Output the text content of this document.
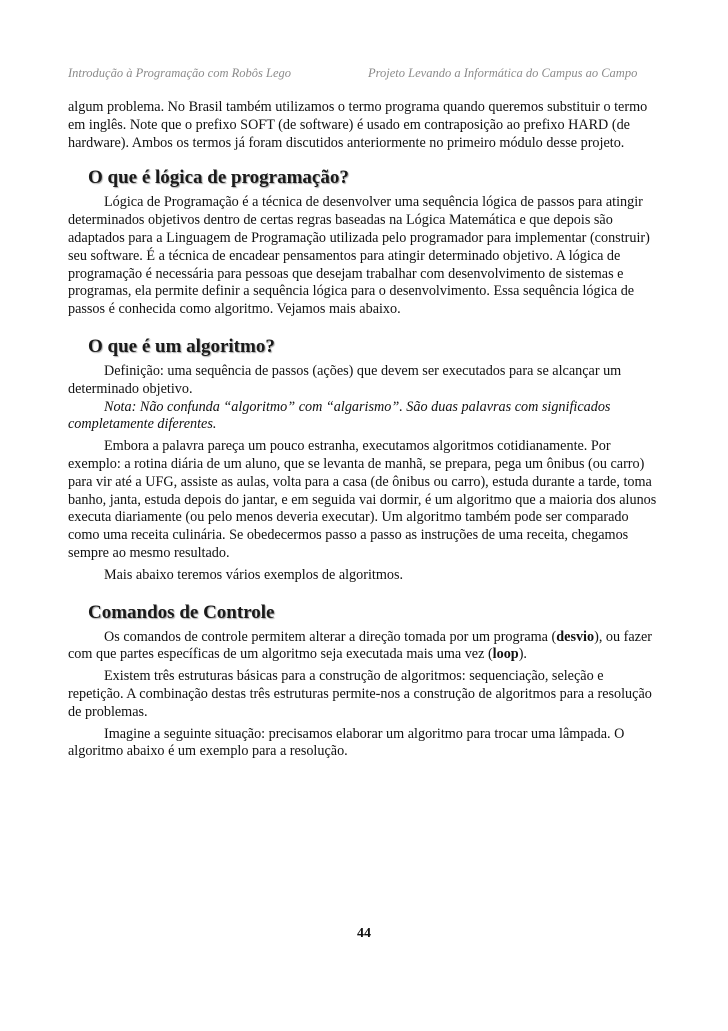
Introdução à Programação com Robôs Lego	Projeto Levando a Informática do Campus ao Campo

algum problema. No Brasil também utilizamos o termo programa quando queremos substituir o termo em inglês. Note que o prefixo SOFT (de software) é usado em contraposição ao prefixo HARD (de hardware). Ambos os termos já foram discutidos anteriormente no primeiro módulo desse projeto.

O que é lógica de programação?

Lógica de Programação é a técnica de desenvolver uma sequência lógica de passos para atingir determinados objetivos dentro de certas regras baseadas na Lógica Matemática e que depois são adaptados para a Linguagem de Programação utilizada pelo programador para implementar (construir) seu software. É a técnica de encadear pensamentos para atingir determinado objetivo. A lógica de programação é necessária para pessoas que desejam trabalhar com desenvolvimento de sistemas e programas, ela permite definir a sequência lógica para o desenvolvimento. Essa sequência lógica de passos é conhecida como algoritmo. Vejamos mais abaixo.

O que é um algoritmo?

Definição: uma sequência de passos (ações) que devem ser executados para se alcançar um determinado objetivo.

Nota: Não confunda “algoritmo” com “algarismo”. São duas palavras com significados completamente diferentes.

Embora a palavra pareça um pouco estranha, executamos algoritmos cotidianamente. Por exemplo: a rotina diária de um aluno, que se levanta de manhã, se prepara, pega um ônibus (ou carro) para vir até a UFG, assiste as aulas, volta para a casa (de ônibus ou carro), estuda durante a tarde, toma banho, janta, estuda depois do jantar, e em seguida vai dormir, é um algoritmo que a maioria dos alunos executa diariamente (ou pelo menos deveria executar). Um algoritmo também pode ser comparado como uma receita culinária. Se obedecermos passo a passo as instruções de uma receita, chegamos sempre ao mesmo resultado.

Mais abaixo teremos vários exemplos de algoritmos.

Comandos de Controle

Os comandos de controle permitem alterar a direção tomada por um programa (desvio), ou fazer com que partes específicas de um algoritmo seja executada mais uma vez (loop).

Existem três estruturas básicas para a construção de algoritmos: sequenciação, seleção e repetição. A combinação destas três estruturas permite-nos a construção de algoritmos para a resolução de problemas.

Imagine a seguinte situação: precisamos elaborar um algoritmo para trocar uma lâmpada. O algoritmo abaixo é um exemplo para a resolução.

44
